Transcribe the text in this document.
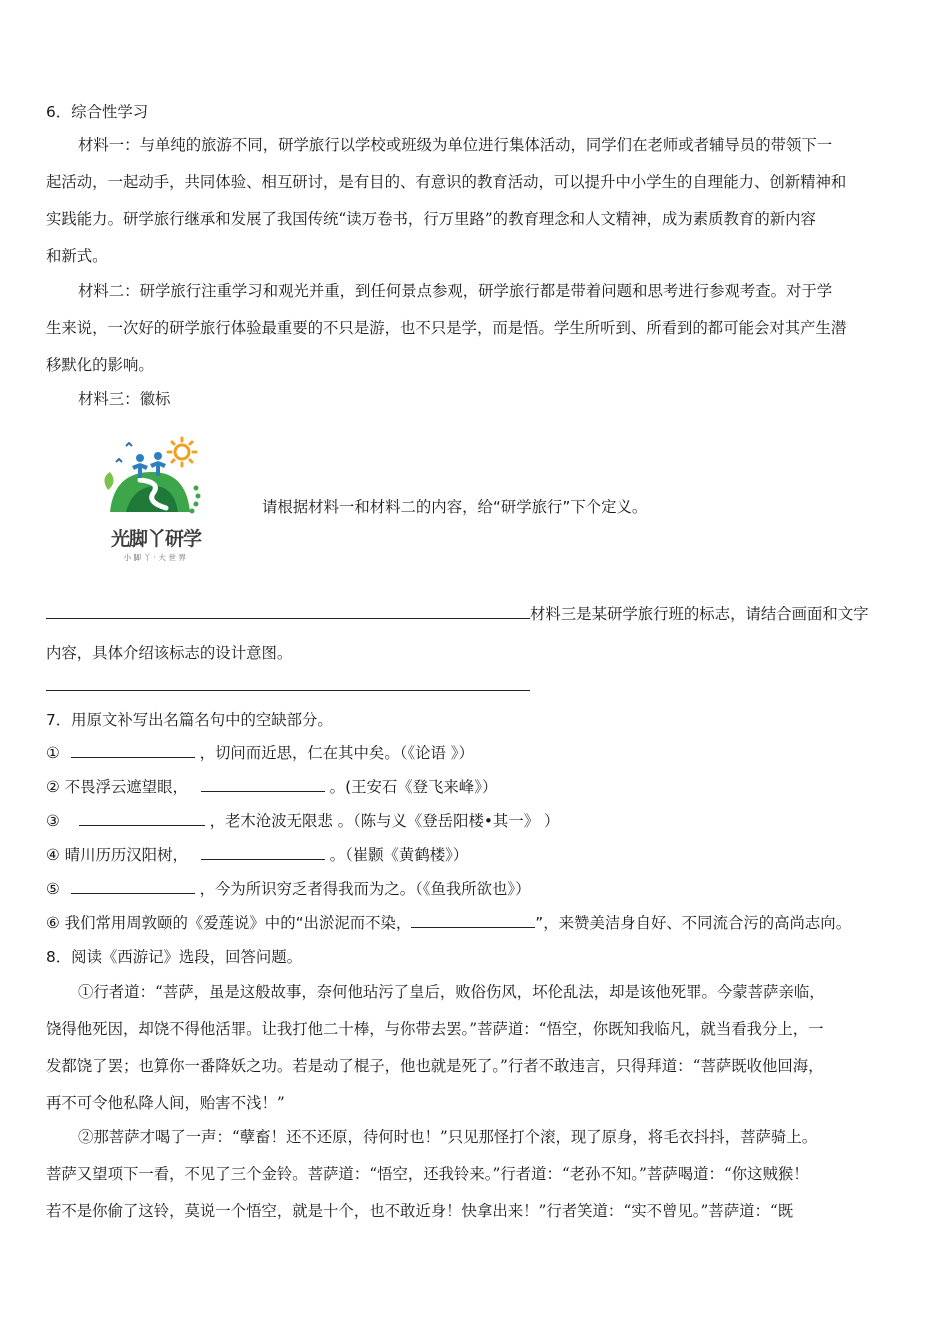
6．综合性学习
材料一：与单纯的旅游不同，研学旅行以学校或班级为单位进行集体活动，同学们在老师或者辅导员的带领下一
起活动，一起动手，共同体验、相互研讨，是有目的、有意识的教育活动，可以提升中小学生的自理能力、创新精神和
实践能力。研学旅行继承和发展了我国传统“读万卷书，行万里路”的教育理念和人文精神，成为素质教育的新内容
和新式。
材料二：研学旅行注重学习和观光并重，到任何景点参观，研学旅行都是带着问题和思考进行参观考查。对于学
生来说，一次好的研学旅行体验最重要的不只是游，也不只是学，而是悟。学生所听到、所看到的都可能会对其产生潜
移默化的影响。
材料三：徽标
光脚丫研学
小脚丫·大世界
请根据材料一和材料二的内容，给“研学旅行”下个定义。
材料三是某研学旅行班的标志，请结合画面和文字
内容，具体介绍该标志的设计意图。
7．用原文补写出名篇名句中的空缺部分。
①	，切问而近思，仁在其中矣。（《论语 》）
② 不畏浮云遮望眼，	。(王安石《登飞来峰》）
③	，老木沧波无限悲 。（陈与义《登岳阳楼•其一》 ）
④ 晴川历历汉阳树，	。（崔颢《黄鹤楼》）
⑤	，今为所识穷乏者得我而为之。（《鱼我所欲也》）
⑥ 我们常用周敦颐的《爱莲说》中的“出淤泥而不染，	”，来赞美洁身自好、不同流合污的高尚志向。
8．阅读《西游记》选段，回答问题。
①行者道：“菩萨，虽是这般故事，奈何他玷污了皇后，败俗伤风，坏伦乱法，却是该他死罪。今蒙菩萨亲临，
饶得他死因，却饶不得他活罪。让我打他二十棒，与你带去罢。”菩萨道：“悟空，你既知我临凡，就当看我分上，一
发都饶了罢；也算你一番降妖之功。若是动了棍子，他也就是死了。”行者不敢违言，只得拜道：“菩萨既收他回海，
再不可令他私降人间，贻害不浅！”
②那菩萨才喝了一声：“孽畜！还不还原，待何时也！”只见那怪打个滚，现了原身，将毛衣抖抖，菩萨骑上。
菩萨又望项下一看，不见了三个金铃。菩萨道：“悟空，还我铃来。”行者道：“老孙不知。”菩萨喝道：“你这贼猴！
若不是你偷了这铃，莫说一个悟空，就是十个，也不敢近身！快拿出来！”行者笑道：“实不曾见。”菩萨道：“既
